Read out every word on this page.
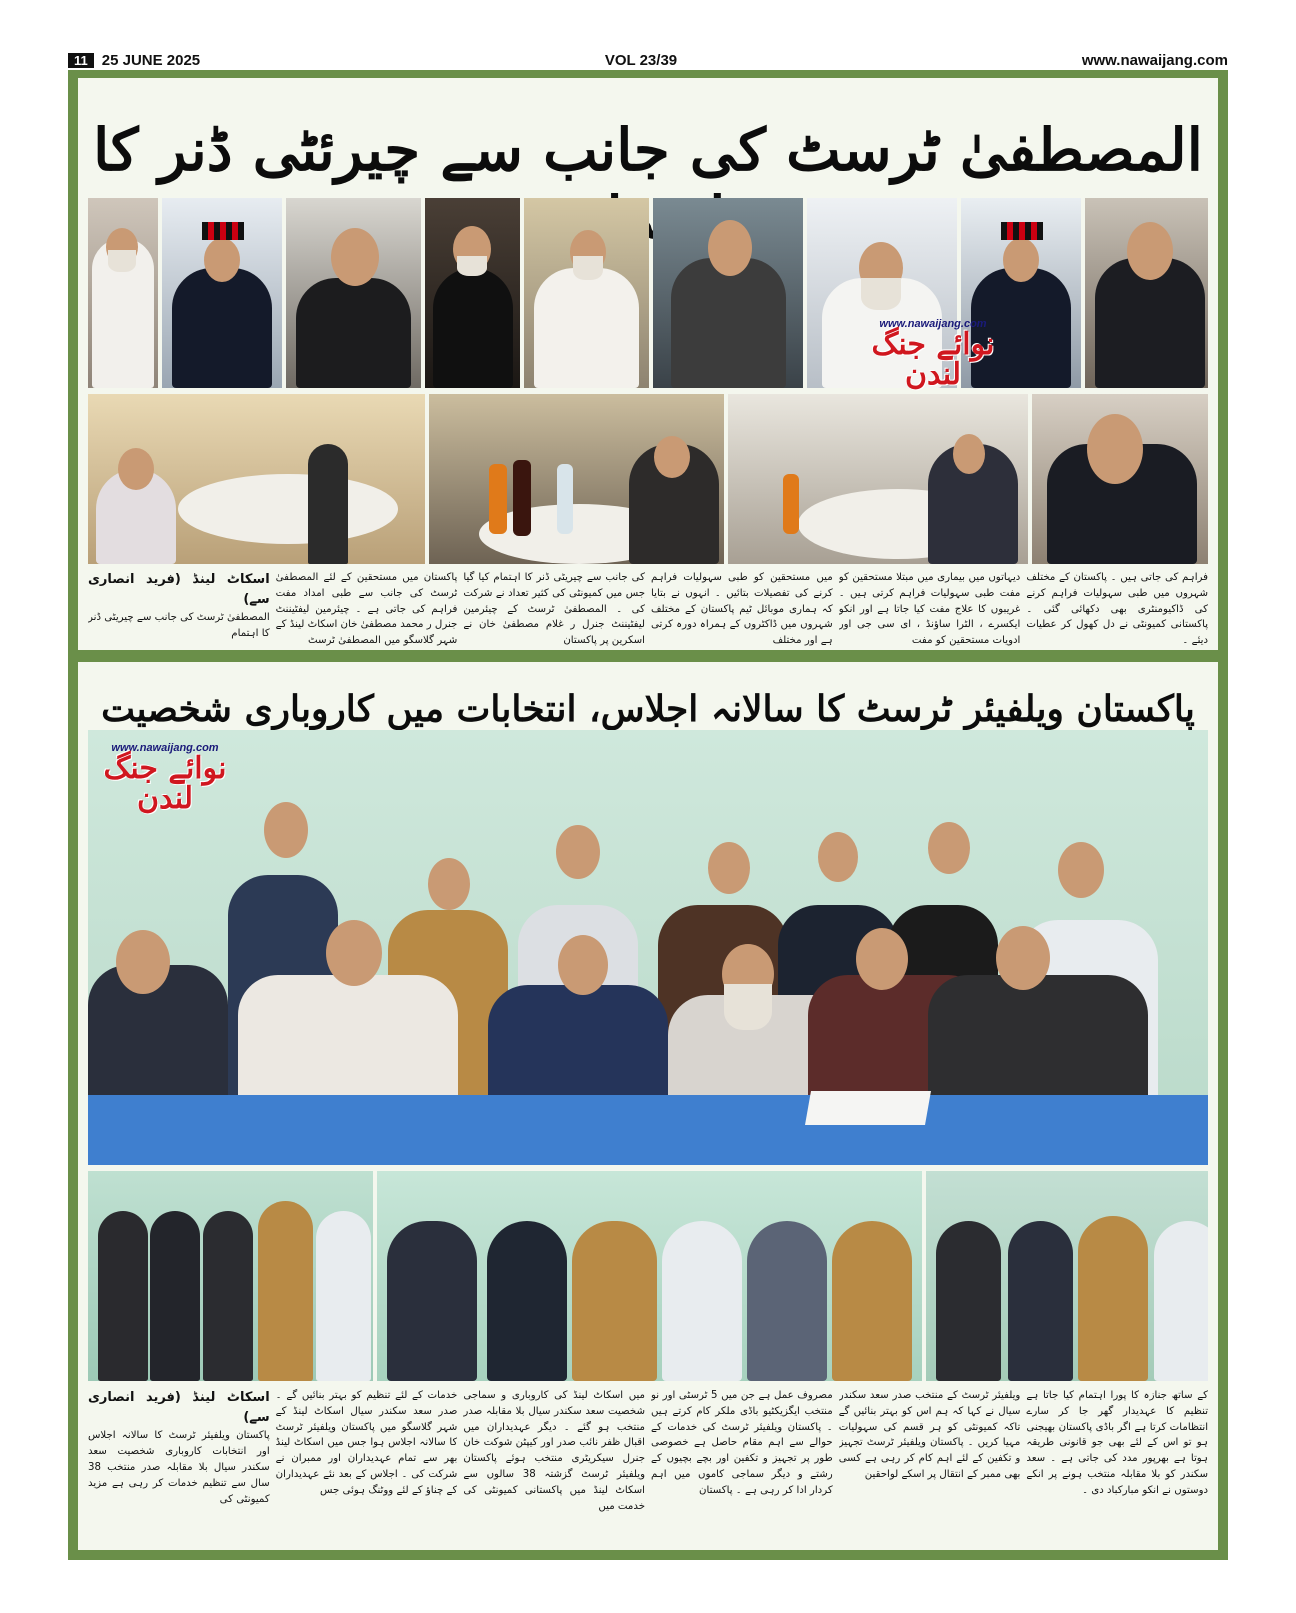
11 25 JUNE 2025	VOL 23/39	www.nawaijang.com
المصطفیٰ ٹرسٹ کی جانب سے چیرئٹی ڈنر کا
www.nawaijang.com
نوائے جنگ لندن
اسکاٹ لینڈ (فرید انصاری سے)
المصطفیٰ ٹرسٹ کی جانب سے چیریٹی ڈنر کا اہتمام
پاکستان میں مستحقین کے لئے المصطفیٰ ٹرسٹ کی جانب سے طبی امداد مفت فراہم کی جاتی ہے ۔ چیئرمین لیفٹیننٹ جنرل ر محمد مصطفیٰ خان اسکاٹ لینڈ کے شہر گلاسگو میں المصطفیٰ ٹرسٹ
کی جانب سے چیریٹی ڈنر کا اہتمام کیا گیا جس میں کمیونٹی کی کثیر تعداد نے شرکت کی ۔ المصطفیٰ ٹرسٹ کے چیئرمین لیفٹیننٹ جنرل ر غلام مصطفیٰ خان نے اسکرین پر پاکستان
میں مستحقین کو طبی سہولیات فراہم کرنے کی تفصیلات بتائیں ۔ انہوں نے بتایا کہ ہماری موبائل ٹیم پاکستان کے مختلف شہروں میں ڈاکٹروں کے ہمراہ دورہ کرتی ہے اور مختلف
دیہاتوں میں بیماری میں مبتلا مستحقین کو مفت طبی سہولیات فراہم کرتی ہیں ۔ غریبوں کا علاج مفت کیا جاتا ہے اور انکو ایکسرے ، الٹرا ساؤنڈ ، ای سی جی اور ادویات مستحقین کو مفت
فراہم کی جاتی ہیں ۔ پاکستان کے مختلف شہروں میں طبی سہولیات فراہم کرنے کی ڈاکیومنٹری بھی دکھائی گئی ۔ پاکستانی کمیونٹی نے دل کھول کر عطیات دیئے ۔
پاکستان ویلفیئر ٹرسٹ کا سالانہ اجلاس، انتخابات میں کاروباری شخصیت
www.nawaijang.com
نوائے جنگ لندن
اسکاٹ لینڈ (فرید انصاری سے)
پاکستان ویلفیئر ٹرسٹ کا سالانہ اجلاس اور انتخابات کاروباری شخصیت سعد سکندر سیال بلا مقابلہ صدر منتخب 38 سال سے تنظیم خدمات کر رہی ہے مزید کمیونٹی کی
خدمات کے لئے تنظیم کو بہتر بنائیں گے ۔ صدر سعد سکندر سیال اسکاٹ لینڈ کے شہر گلاسگو میں پاکستان ویلفیئر ٹرسٹ کا سالانہ اجلاس ہوا جس میں اسکاٹ لینڈ بھر سے تمام عہدیداران اور ممبران نے شرکت کی ۔ اجلاس کے بعد نئے عہدیداران کے چناؤ کے لئے ووٹنگ ہوئی جس
میں اسکاٹ لینڈ کی کاروباری و سماجی شخصیت سعد سکندر سیال بلا مقابلہ صدر منتخب ہو گئے ۔ دیگر عہدیداران میں اقبال ظفر نائب صدر اور کیپٹن شوکت خان جنرل سیکریٹری منتخب ہوئے پاکستان ویلفیئر ٹرسٹ گزشتہ 38 سالوں سے اسکاٹ لینڈ میں پاکستانی کمیونٹی کی خدمت میں
مصروف عمل ہے جن میں 5 ٹرسٹی اور نو منتخب ایگزیکٹیو باڈی ملکر کام کرتے ہیں ۔ پاکستان ویلفیئر ٹرسٹ کی خدمات کے حوالے سے اہم مقام حاصل ہے خصوصی طور پر تجہیز و تکفین اور بچے بچیوں کے رشتے و دیگر سماجی کاموں میں اہم کردار ادا کر رہی ہے ۔ پاکستان
ویلفیئر ٹرسٹ کے منتخب صدر سعد سکندر سیال نے کہا کہ ہم اس کو بہتر بنائیں گے تاکہ کمیونٹی کو ہر قسم کی سہولیات مہیا کریں ۔ پاکستان ویلفیئر ٹرسٹ تجہیز و تکفین کے لئے اہم کام کر رہی ہے کسی بھی ممبر کے انتقال پر اسکے لواحقین
کے ساتھ جنازہ کا پورا اہتمام کیا جاتا ہے تنظیم کا عہدیدار گھر جا کر سارے انتظامات کرتا ہے اگر باڈی پاکستان بھیجنی ہو تو اس کے لئے بھی جو قانونی طریقہ ہوتا ہے بھرپور مدد کی جاتی ہے ۔ سعد سکندر کو بلا مقابلہ منتخب ہونے پر انکے دوستوں نے انکو مبارکباد دی ۔
